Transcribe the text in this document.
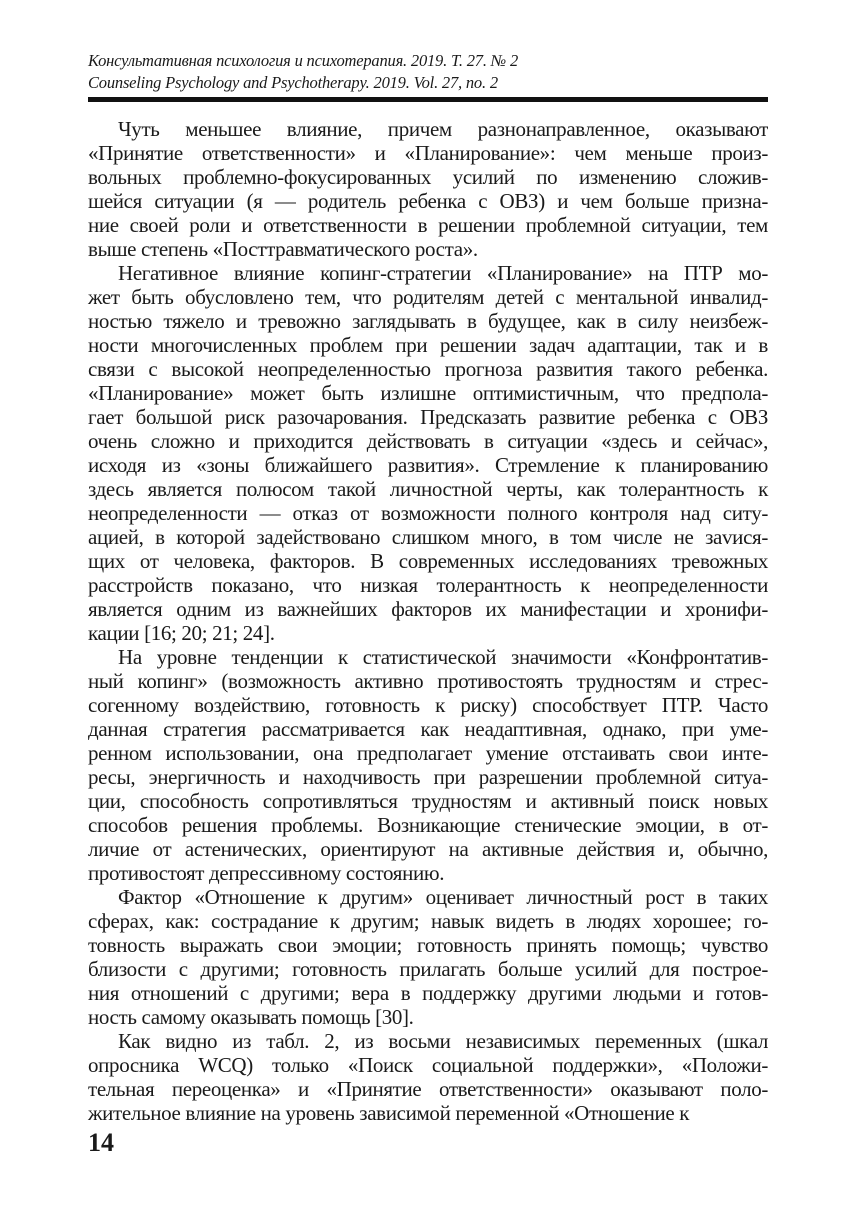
Консультативная психология и психотерапия. 2019. Т. 27. № 2
Counseling Psychology and Psychotherapy. 2019. Vol. 27, no. 2
Чуть меньшее влияние, причем разнонаправленное, оказывают
«Принятие ответственности» и «Планирование»: чем меньше произ-
вольных проблемно-фокусированных усилий по изменению сложив-
шейся ситуации (я — родитель ребенка с ОВЗ) и чем больше призна-
ние своей роли и ответственности в решении проблемной ситуации, тем
выше степень «Посттравматического роста».
Негативное влияние копинг-стратегии «Планирование» на ПТР мо-
жет быть обусловлено тем, что родителям детей с ментальной инвалид-
ностью тяжело и тревожно заглядывать в будущее, как в силу неизбеж-
ности многочисленных проблем при решении задач адаптации, так и в
связи с высокой неопределенностью прогноза развития такого ребенка.
«Планирование» может быть излишне оптимистичным, что предпола-
гает большой риск разочарования. Предсказать развитие ребенка с ОВЗ
очень сложно и приходится действовать в ситуации «здесь и сейчас»,
исходя из «зоны ближайшего развития». Стремление к планированию
здесь является полюсом такой личностной черты, как толерантность к
неопределенности — отказ от возможности полного контроля над ситу-
ацией, в которой задействовано слишком много, в том числе не зavися-
щих от человека, факторов. В современных исследованиях тревожных
расстройств показано, что низкая толерантность к неопределенности
является одним из важнейших факторов их манифестации и хронифи-
кации [16; 20; 21; 24].
На уровне тенденции к статистической значимости «Конфронтатив-
ный копинг» (возможность активно противостоять трудностям и стрес-
согенному воздействию, готовность к риску) способствует ПТР. Часто
данная стратегия рассматривается как неадаптивная, однако, при уме-
ренном использовании, она предполагает умение отстаивать свои инте-
ресы, энергичность и находчивость при разрешении проблемной ситуа-
ции, способность сопротивляться трудностям и активный поиск новых
способов решения проблемы. Возникающие стенические эмоции, в от-
личие от астенических, ориентируют на активные действия и, обычно,
противостоят депрессивному состоянию.
Фактор «Отношение к другим» оценивает личностный рост в таких
сферах, как: сострадание к другим; навык видеть в людях хорошее; го-
товность выражать свои эмоции; готовность принять помощь; чувство
близости с другими; готовность прилагать больше усилий для построе-
ния отношений с другими; вера в поддержку другими людьми и готов-
ность самому оказывать помощь [30].
Как видно из табл. 2, из восьми независимых переменных (шкал
опросника WCQ) только «Поиск социальной поддержки», «Положи-
тельная переоценка» и «Принятие ответственности» оказывают поло-
жительное влияние на уровень зависимой переменной «Отношение к
14
